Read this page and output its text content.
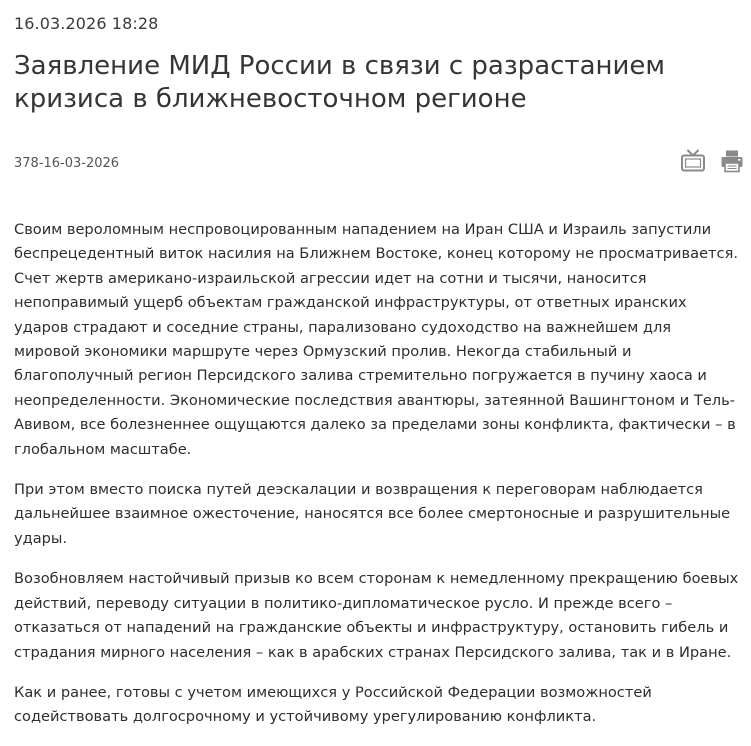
16.03.2026 18:28
Заявление МИД России в связи с разрастанием кризиса в ближневосточном регионе
378-16-03-2026

Своим вероломным неспровоцированным нападением на Иран США и Израиль запустили беспрецедентный виток насилия на Ближнем Востоке, конец которому не просматривается. Счет жертв американо-израильской агрессии идет на сотни и тысячи, наносится непоправимый ущерб объектам гражданской инфраструктуры, от ответных иранских ударов страдают и соседние страны, парализовано судоходство на важнейшем для мировой экономики маршруте через Ормузский пролив. Некогда стабильный и благополучный регион Персидского залива стремительно погружается в пучину хаоса и неопределенности. Экономические последствия авантюры, затеянной Вашингтоном и Тель-Авивом, все болезненнее ощущаются далеко за пределами зоны конфликта, фактически – в глобальном масштабе.

При этом вместо поиска путей деэскалации и возвращения к переговорам наблюдается дальнейшее взаимное ожесточение, наносятся все более смертоносные и разрушительные удары.

Возобновляем настойчивый призыв ко всем сторонам к немедленному прекращению боевых действий, переводу ситуации в политико-дипломатическое русло. И прежде всего – отказаться от нападений на гражданские объекты и инфраструктуру, остановить гибель и страдания мирного населения – как в арабских странах Персидского залива, так и в Иране.

Как и ранее, готовы с учетом имеющихся у Российской Федерации возможностей содействовать долгосрочному и устойчивому урегулированию конфликта.
